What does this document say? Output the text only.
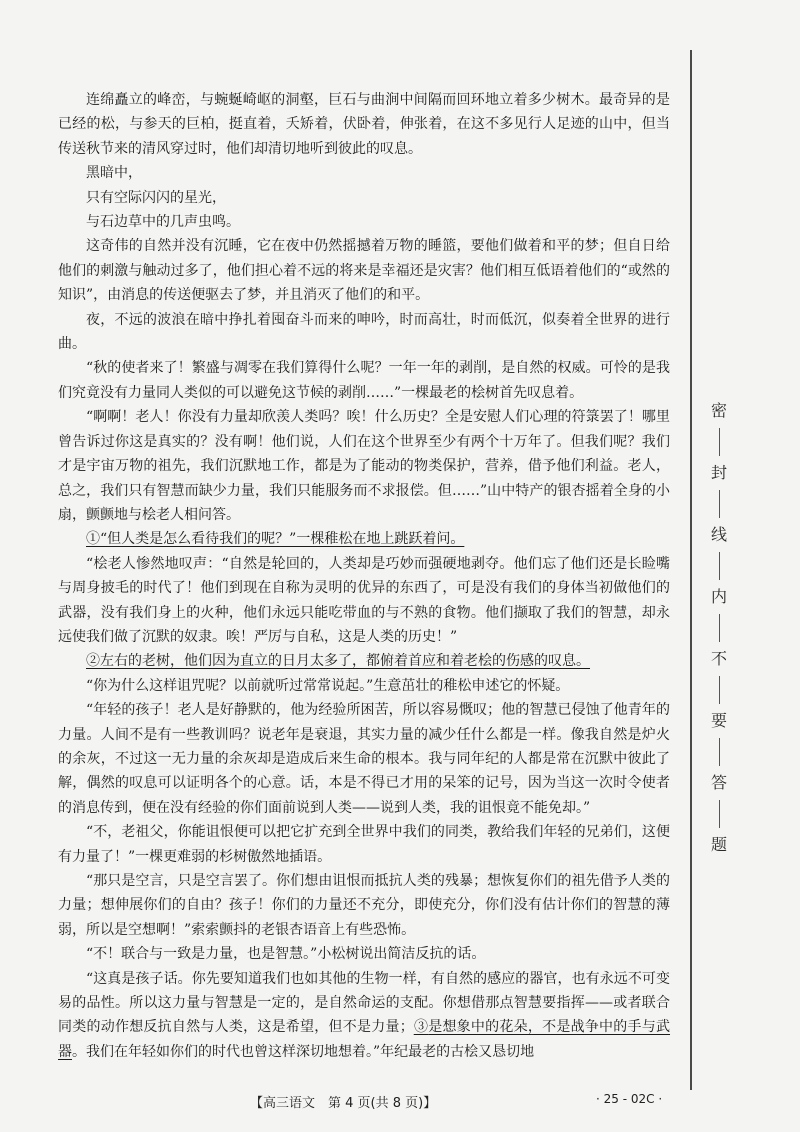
连绵矗立的峰峦，与蜿蜒崎岖的洞壑，巨石与曲涧中间隔而回环地立着多少树木。最奇异的是已经的松，与参天的巨柏，挺直着，夭矫着，伏卧着，伸张着，在这不多见行人足迹的山中，但当传送秋节来的清风穿过时，他们却清切地听到彼此的叹息。

黑暗中，

只有空际闪闪的星光，

与石边草中的几声虫鸣。

这奇伟的自然并没有沉睡，它在夜中仍然摇撼着万物的睡篮，要他们做着和平的梦；但自日给他们的刺激与触动过多了，他们担心着不远的将来是幸福还是灾害？他们相互低语着他们的“或然的知识”，由消息的传送便驱去了梦，并且消灭了他们的和平。

夜，不远的波浪在暗中挣扎着囤奋斗而来的呻吟，时而高壮，时而低沉，似奏着全世界的进行曲。

“秋的使者来了！繁盛与凋零在我们算得什么呢？一年一年的剥削，是自然的权威。可怜的是我们究竟没有力量同人类似的可以避免这节候的剥削……”一棵最老的桧树首先叹息着。

“啊啊！老人！你没有力量却欣羡人类吗？唉！什么历史？全是安慰人们心理的符箓罢了！哪里曾告诉过你这是真实的？没有啊！他们说，人们在这个世界至少有两个十万年了。但我们呢？我们才是宇宙万物的祖先，我们沉默地工作，都是为了能动的物类保护，营养，借予他们利益。老人，总之，我们只有智慧而缺少力量，我们只能服务而不求报偿。但……”山中特产的银杏摇着全身的小扇，颤颤地与桧老人相问答。

①“但人类是怎么看待我们的呢？”一棵稚松在地上跳跃着问。

“桧老人惨然地叹声：“自然是轮回的，人类却是巧妙而强硬地剥夺。他们忘了他们还是长睑嘴与周身披毛的时代了！他们到现在自称为灵明的优异的东西了，可是没有我们的身体当初做他们的武器，没有我们身上的火种，他们永远只能吃带血的与不熟的食物。他们撷取了我们的智慧，却永远使我们做了沉默的奴隶。唉！严厉与自私，这是人类的历史！”

②左右的老树，他们因为直立的日月太多了，都俯着首应和着老桧的伤感的叹息。

“你为什么这样诅咒呢？以前就听过常常说起。”生意茁壮的稚松申述它的怀疑。

“年轻的孩子！老人是好静默的，他为经验所困苦，所以容易慨叹；他的智慧已侵蚀了他青年的力量。人间不是有一些教训吗？说老年是衰退，其实力量的减少任什么都是一样。像我自然是炉火的余灰，不过这一无力量的余灰却是造成后来生命的根本。我与同年纪的人都是常在沉默中彼此了解，偶然的叹息可以证明各个的心意。话，本是不得已才用的呆笨的记号，因为当这一次时令使者的消息传到，便在没有经验的你们面前说到人类——说到人类，我的诅恨竟不能免却。”

“不，老祖父，你能诅恨便可以把它扩充到全世界中我们的同类，教给我们年轻的兄弟们，这便有力量了！”一棵更难弱的杉树傲然地插语。

“那只是空言，只是空言罢了。你们想由诅恨而抵抗人类的残暴；想恢复你们的祖先借予人类的力量；想伸展你们的自由？孩子！你们的力量还不充分，即使充分，你们没有估计你们的智慧的薄弱，所以是空想啊！”索索颤抖的老银杏语音上有些恐怖。

“不！联合与一致是力量，也是智慧。”小松树说出简洁反抗的话。

“这真是孩子话。你先要知道我们也如其他的生物一样，有自然的感应的器官，也有永远不可变易的品性。所以这力量与智慧是一定的，是自然命运的支配。你想借那点智慧要指挥——或者联合同类的动作想反抗自然与人类，这是希望，但不是力量；③是想象中的花朵，不是战争中的手与武器。我们在年轻如你们的时代也曾这样深切地想着。”年纪最老的古桧又恳切地

密

封

线

内

不

要

答

题

【高三语文　第 4 页(共 8 页)】	· 25 - 02C ·
